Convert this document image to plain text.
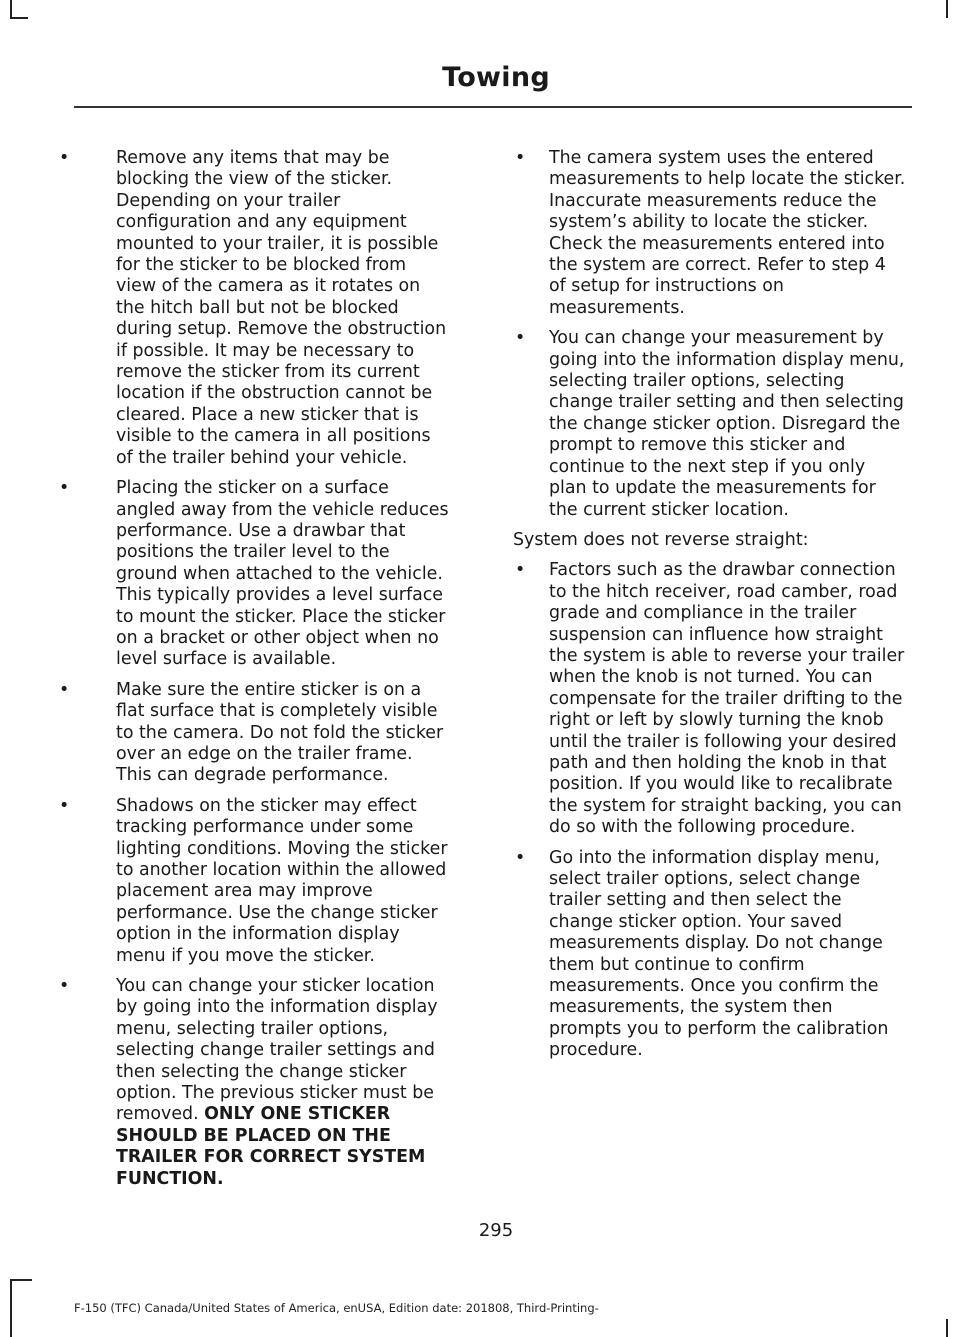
Towing
•	Remove any items that may be blocking the view of the sticker. Depending on your trailer configuration and any equipment mounted to your trailer, it is possible for the sticker to be blocked from view of the camera as it rotates on the hitch ball but not be blocked during setup. Remove the obstruction if possible. It may be necessary to remove the sticker from its current location if the obstruction cannot be cleared. Place a new sticker that is visible to the camera in all positions of the trailer behind your vehicle.
•	Placing the sticker on a surface angled away from the vehicle reduces performance. Use a drawbar that positions the trailer level to the ground when attached to the vehicle. This typically provides a level surface to mount the sticker. Place the sticker on a bracket or other object when no level surface is available.
•	Make sure the entire sticker is on a flat surface that is completely visible to the camera. Do not fold the sticker over an edge on the trailer frame. This can degrade performance.
•	Shadows on the sticker may effect tracking performance under some lighting conditions. Moving the sticker to another location within the allowed placement area may improve performance. Use the change sticker option in the information display menu if you move the sticker.
•	You can change your sticker location by going into the information display menu, selecting trailer options, selecting change trailer settings and then selecting the change sticker option. The previous sticker must be removed. ONLY ONE STICKER SHOULD BE PLACED ON THE TRAILER FOR CORRECT SYSTEM FUNCTION.
• The camera system uses the entered measurements to help locate the sticker. Inaccurate measurements reduce the system’s ability to locate the sticker. Check the measurements entered into the system are correct. Refer to step 4 of setup for instructions on measurements.
• You can change your measurement by going into the information display menu, selecting trailer options, selecting change trailer setting and then selecting the change sticker option. Disregard the prompt to remove this sticker and continue to the next step if you only plan to update the measurements for the current sticker location.
System does not reverse straight:
• Factors such as the drawbar connection to the hitch receiver, road camber, road grade and compliance in the trailer suspension can influence how straight the system is able to reverse your trailer when the knob is not turned. You can compensate for the trailer drifting to the right or left by slowly turning the knob until the trailer is following your desired path and then holding the knob in that position. If you would like to recalibrate the system for straight backing, you can do so with the following procedure.
• Go into the information display menu, select trailer options, select change trailer setting and then select the change sticker option. Your saved measurements display. Do not change them but continue to confirm measurements. Once you confirm the measurements, the system then prompts you to perform the calibration procedure.
295
F-150 (TFC) Canada/United States of America, enUSA, Edition date: 201808, Third-Printing-
